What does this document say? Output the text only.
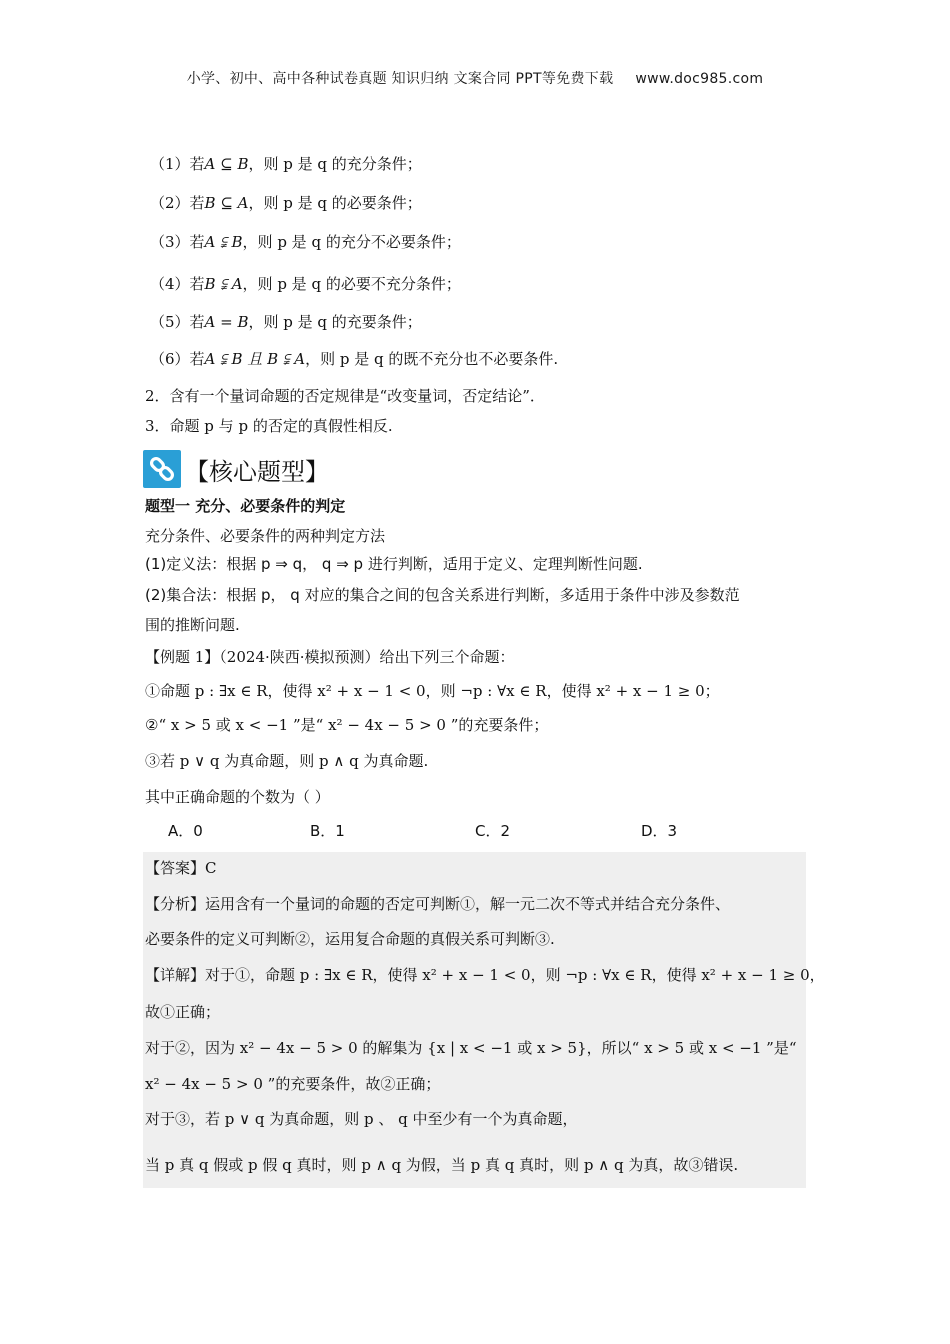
小学、初中、高中各种试卷真题 知识归纳 文案合同 PPT等免费下载 www.doc985.com
（1）若A ⊆ B，则 p 是 q 的充分条件；
（2）若B ⊆ A，则 p 是 q 的必要条件；
（3）若A ⫋ B，则 p 是 q 的充分不必要条件；
（4）若B ⫋ A，则 p 是 q 的必要不充分条件；
（5）若A = B，则 p 是 q 的充要条件；
（6）若A ⫋ B 且 B ⫋ A，则 p 是 q 的既不充分也不必要条件.
2．含有一个量词命题的否定规律是“改变量词，否定结论”．
3．命题 p 与 p 的否定的真假性相反.
【核心题型】
题型一 充分、必要条件的判定
充分条件、必要条件的两种判定方法
(1)定义法：根据 p ⇒ q， q ⇒ p 进行判断，适用于定义、定理判断性问题.
(2)集合法：根据 p， q 对应的集合之间的包含关系进行判断，多适用于条件中涉及参数范
围的推断问题.
【例题 1】（2024·陕西·模拟预测）给出下列三个命题：
①命题 p : ∃x ∈ R，使得 x² + x − 1 < 0，则 ¬p : ∀x ∈ R，使得 x² + x − 1 ≥ 0；
②“ x > 5 或 x < −1 ”是“ x² − 4x − 5 > 0 ”的充要条件；
③若 p ∨ q 为真命题，则 p ∧ q 为真命题.
其中正确命题的个数为（ ）
A．0	B．1	C．2	D．3
【答案】C
【分析】运用含有一个量词的命题的否定可判断①，解一元二次不等式并结合充分条件、
必要条件的定义可判断②，运用复合命题的真假关系可判断③.
【详解】对于①，命题 p : ∃x ∈ R，使得 x² + x − 1 < 0，则 ¬p : ∀x ∈ R，使得 x² + x − 1 ≥ 0，
故①正确；
对于②，因为 x² − 4x − 5 > 0 的解集为 {x | x < −1 或 x > 5}，所以“ x > 5 或 x < −1 ”是“
x² − 4x − 5 > 0 ”的充要条件，故②正确；
对于③，若 p ∨ q 为真命题，则 p 、 q 中至少有一个为真命题，
当 p 真 q 假或 p 假 q 真时，则 p ∧ q 为假，当 p 真 q 真时，则 p ∧ q 为真，故③错误.
